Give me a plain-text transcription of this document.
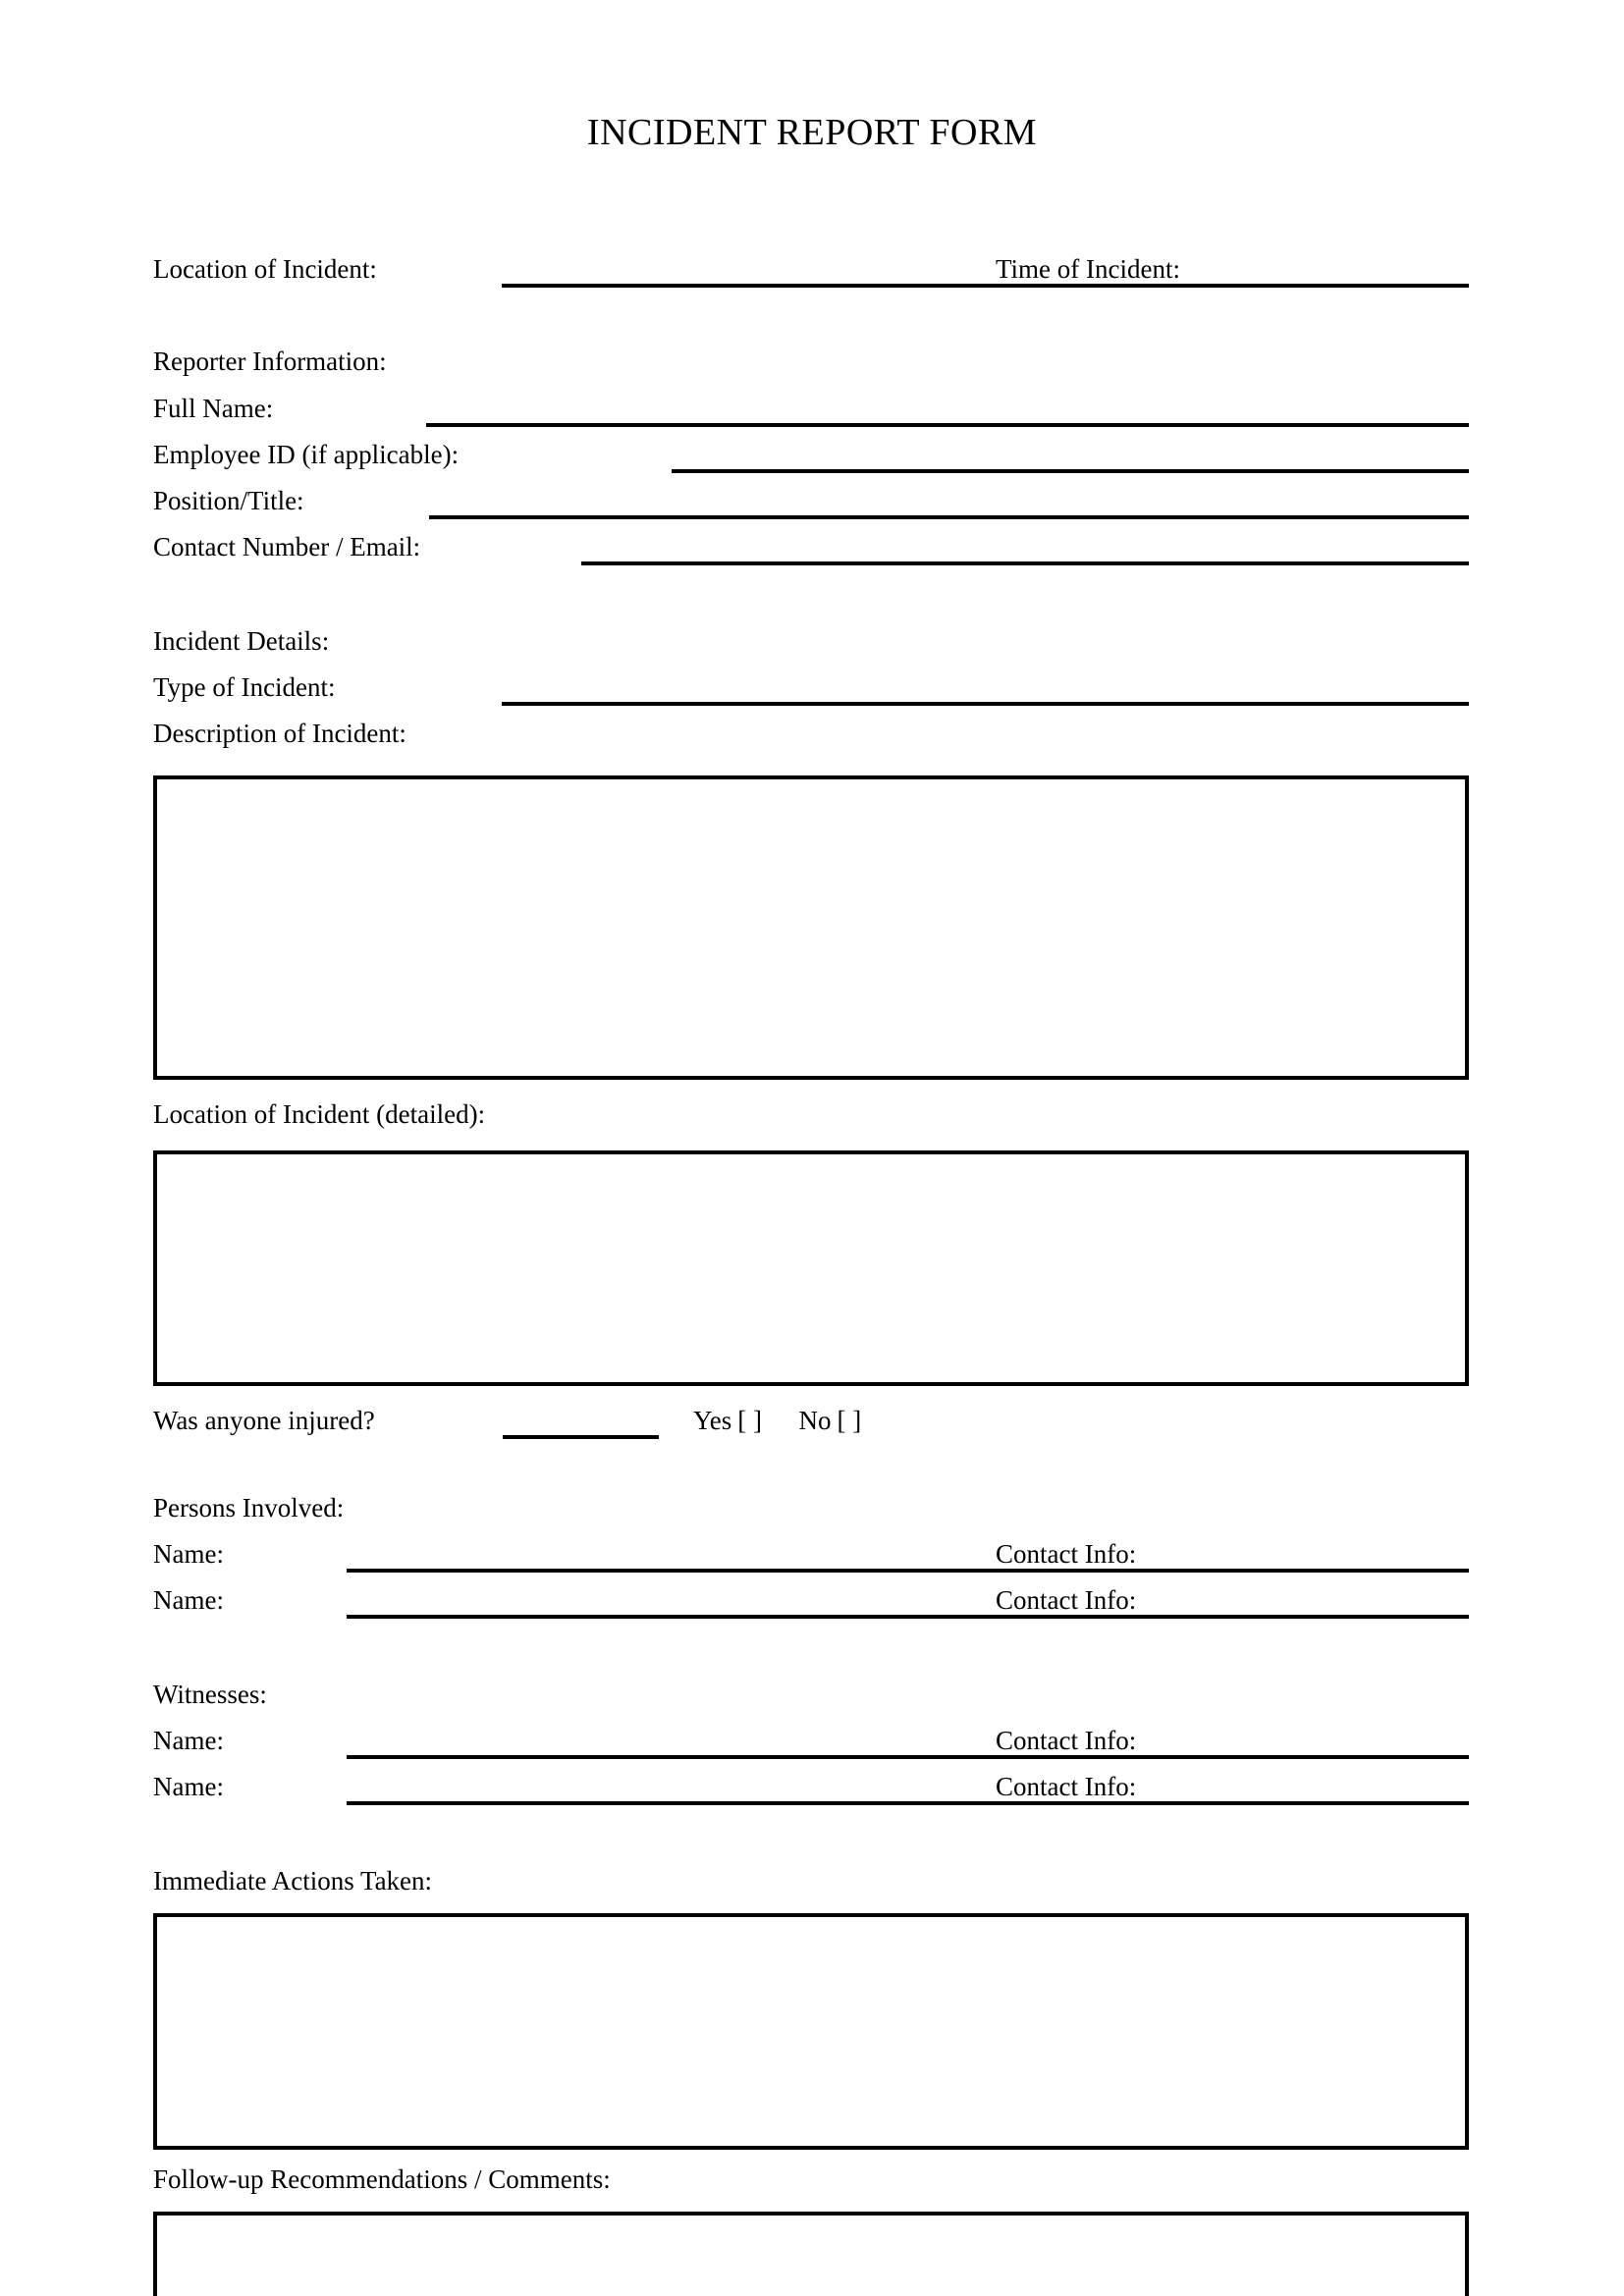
INCIDENT REPORT FORM
Location of Incident:	Time of Incident:
Reporter Information:
Full Name:
Employee ID (if applicable):
Position/Title:
Contact Number / Email:
Incident Details:
Type of Incident:
Description of Incident:
Location of Incident (detailed):
Was anyone injured?	Yes [ ] No [ ]
Persons Involved:
Name:	Contact Info:
Name:	Contact Info:
Witnesses:
Name:	Contact Info:
Name:	Contact Info:
Immediate Actions Taken:
Follow-up Recommendations / Comments:
